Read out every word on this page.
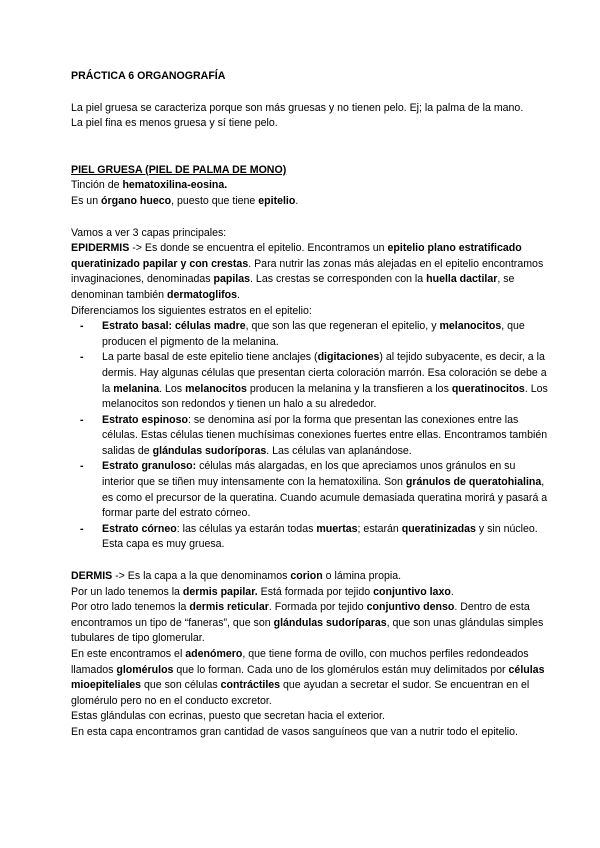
PRÁCTICA 6 ORGANOGRAFÍA

La piel gruesa se caracteriza porque son más gruesas y no tienen pelo. Ej; la palma de la mano.

La piel fina es menos gruesa y sí tiene pelo.

PIEL GRUESA (PIEL DE PALMA DE MONO)

Tinción de hematoxilina-eosina.

Es un órgano hueco, puesto que tiene epitelio.

Vamos a ver 3 capas principales:

EPIDERMIS -> Es donde se encuentra el epitelio. Encontramos un epitelio plano estratificado queratinizado papilar y con crestas. Para nutrir las zonas más alejadas en el epitelio encontramos invaginaciones, denominadas papilas. Las crestas se corresponden con la huella dactilar, se denominan también dermatoglifos.

Diferenciamos los siguientes estratos en el epitelio:

- Estrato basal: células madre, que son las que regeneran el epitelio, y melanocitos, que producen el pigmento de la melanina.
- La parte basal de este epitelio tiene anclajes (digitaciones) al tejido subyacente, es decir, a la dermis. Hay algunas células que presentan cierta coloración marrón. Esa coloración se debe a la melanina. Los melanocitos producen la melanina y la transfieren a los queratinocitos. Los melanocitos son redondos y tienen un halo a su alrededor.
- Estrato espinoso: se denomina así por la forma que presentan las conexiones entre las células. Estas células tienen muchísimas conexiones fuertes entre ellas. Encontramos también salidas de glándulas sudoríporas. Las células van aplanándose.
- Estrato granuloso: células más alargadas, en los que apreciamos unos gránulos en su interior que se tiñen muy intensamente con la hematoxilina. Son gránulos de queratohialina, es como el precursor de la queratina. Cuando acumule demasiada queratina morirá y pasará a formar parte del estrato córneo.
- Estrato córneo: las células ya estarán todas muertas; estarán queratinizadas y sin núcleo. Esta capa es muy gruesa.

DERMIS -> Es la capa a la que denominamos corion o lámina propia.

Por un lado tenemos la dermis papilar. Está formada por tejido conjuntivo laxo.

Por otro lado tenemos la dermis reticular. Formada por tejido conjuntivo denso. Dentro de esta encontramos un tipo de “faneras”, que son glándulas sudoríparas, que son unas glándulas simples tubulares de tipo glomerular.

En este encontramos el adenómero, que tiene forma de ovillo, con muchos perfiles redondeados llamados glomérulos que lo forman. Cada uno de los glomérulos están muy delimitados por células mioepiteliales que son células contráctiles que ayudan a secretar el sudor. Se encuentran en el glomérulo pero no en el conducto excretor.

Estas glándulas con ecrinas, puesto que secretan hacia el exterior.

En esta capa encontramos gran cantidad de vasos sanguíneos que van a nutrir todo el epitelio.
